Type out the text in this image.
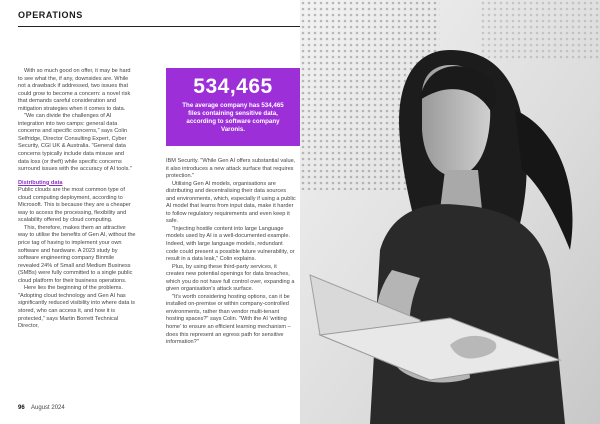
OPERATIONS

With so much good on offer, it may be hard to see what the, if any, downsides are. While not a drawback if addressed, two issues that could grow to become a concern: a novel risk that demands careful consideration and mitigation strategies when it comes to data.

"We can divide the challenges of AI integration into two camps: general data concerns and specific concerns," says Colin Selfridge, Director Consulting Expert, Cyber Security, CGI UK & Australia. "General data concerns typically include data misuse and data loss (or theft) while specific concerns surround issues with the accuracy of AI tools."

Distributing data

Public clouds are the most common type of cloud computing deployment, according to Microsoft. This is because they are a cheaper way to access the processing, flexibility and scalability offered by cloud computing.

This, therefore, makes them an attractive way to utilise the benefits of Gen AI, without the price tag of having to implement your own software and hardware. A 2023 study by software engineering company Binmile revealed 24% of Small and Medium Business (SMBs) were fully committed to a single public cloud platform for their business operations.

Here lies the beginning of the problems. "Adopting cloud technology and Gen AI has significantly reduced visibility into where data is stored, who can access it, and how it is protected," says Martin Borrett Technical Director,

534,465
The average company has 534,465 files containing sensitive data, according to software company Varonis.

IBM Security. "While Gen AI offers substantial value, it also introduces a new attack surface that requires protection."

Utilising Gen AI models, organisations are distributing and decentralising their data sources and environments, which, especially if using a public AI model that learns from input data, make it harder to follow regulatory requirements and even keep it safe.

"Injecting hostile content into large Language models used by AI is a well-documented example. Indeed, with large language models, redundant code could present a possible future vulnerability, or result in a data leak," Colin explains.

Plus, by using these third-party services, it creates new potential openings for data breaches, which you do not have full control over, expanding a given organisation's attack surface.

"It's worth considering hosting options, can it be installed on-premise or within company-controlled environments, rather than vendor multi-tenant hosting spaces?" says Colin. "With the AI 'writing home' to ensure an efficient learning mechanism – does this represent an egress path for sensitive information?"

96 August 2024
